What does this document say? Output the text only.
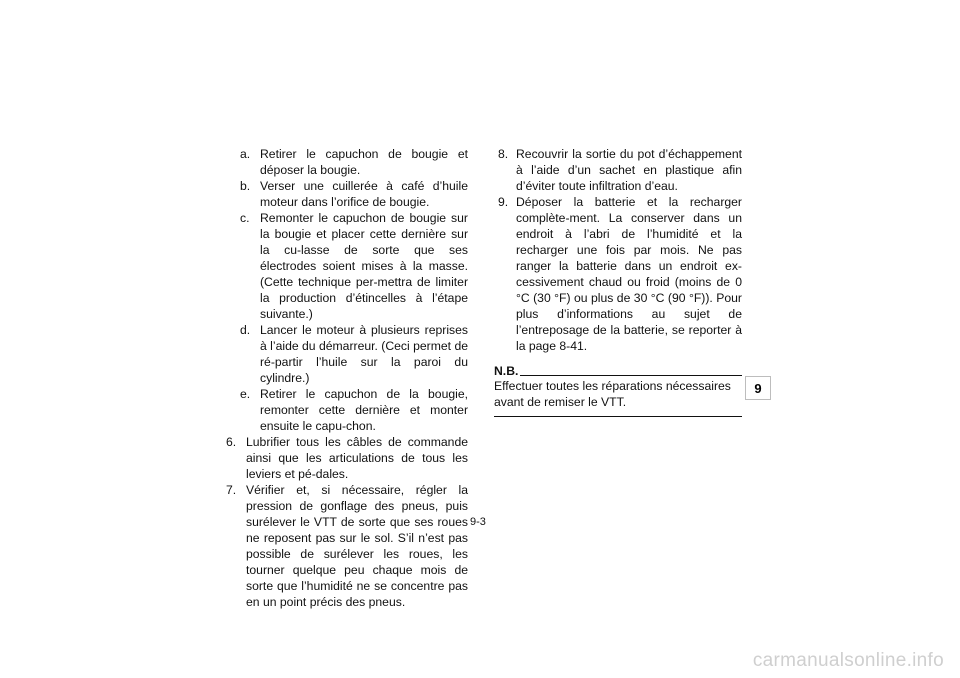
a. Retirer le capuchon de bougie et déposer la bougie.
b. Verser une cuillerée à café d’huile moteur dans l’orifice de bougie.
c. Remonter le capuchon de bougie sur la bougie et placer cette dernière sur la cu-lasse de sorte que ses électrodes soient mises à la masse. (Cette technique per-mettra de limiter la production d’étincelles à l’étape suivante.)
d. Lancer le moteur à plusieurs reprises à l’aide du démarreur. (Ceci permet de ré-partir l’huile sur la paroi du cylindre.)
e. Retirer le capuchon de la bougie, remonter cette dernière et monter ensuite le capu-chon.
6. Lubrifier tous les câbles de commande ainsi que les articulations de tous les leviers et pé-dales.
7. Vérifier et, si nécessaire, régler la pression de gonflage des pneus, puis surélever le VTT de sorte que ses roues ne reposent pas sur le sol. S’il n’est pas possible de surélever les roues, les tourner quelque peu chaque mois de sorte que l’humidité ne se concentre pas en un point précis des pneus.
8. Recouvrir la sortie du pot d’échappement à l’aide d’un sachet en plastique afin d’éviter toute infiltration d’eau.
9. Déposer la batterie et la recharger complète-ment. La conserver dans un endroit à l’abri de l’humidité et la recharger une fois par mois. Ne pas ranger la batterie dans un endroit ex-cessivement chaud ou froid (moins de 0 °C (30 °F) ou plus de 30 °C (90 °F)). Pour plus d’informations au sujet de l’entreposage de la batterie, se reporter à la page 8-41.
N.B.
Effectuer toutes les réparations nécessaires avant de remiser le VTT.
9
9-3
carmanualsonline.info
